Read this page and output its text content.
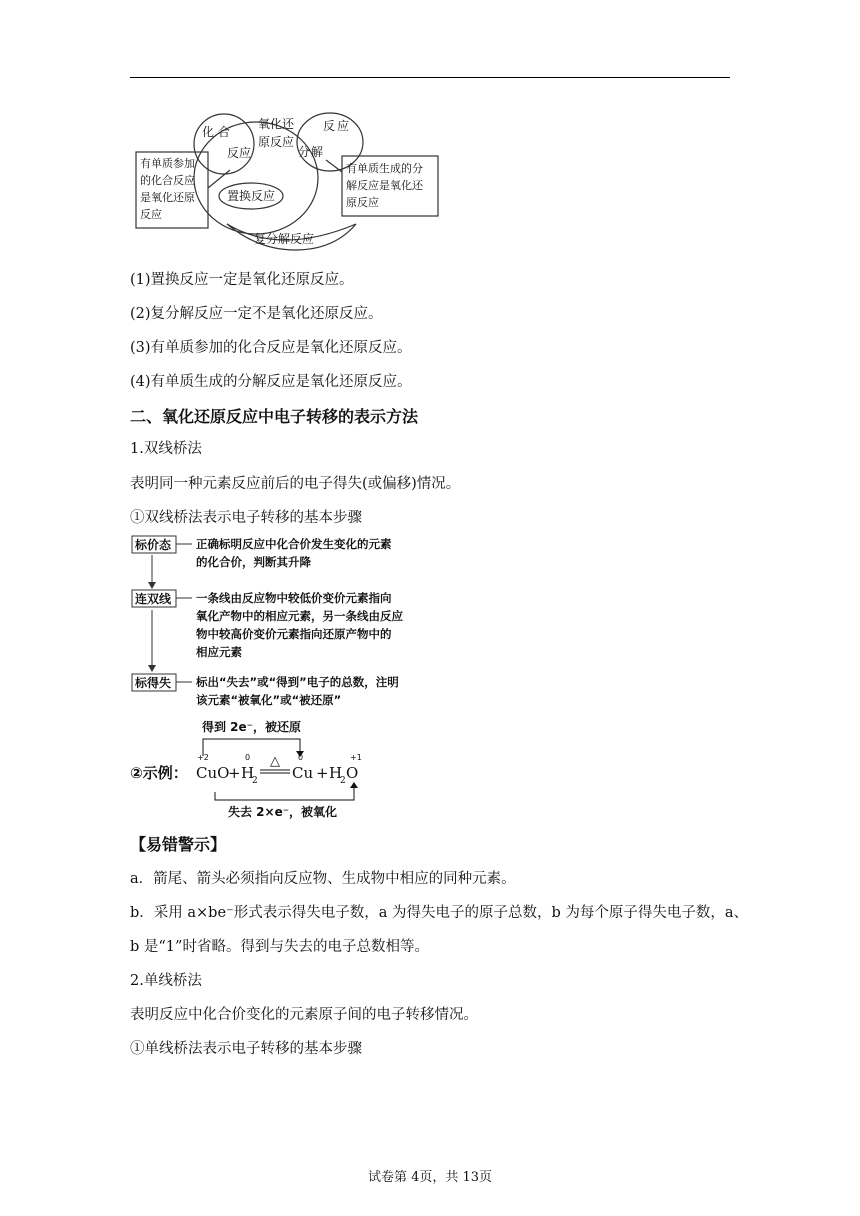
化 合
反应
氧化还
原反应
反 应
分 解
置换反应
复分解反应
有单质参加
的化合反应
是氧化还原
反应
有单质生成的分
解反应是氧化还
原反应
(1)置换反应一定是氧化还原反应。
(2)复分解反应一定不是氧化还原反应。
(3)有单质参加的化合反应是氧化还原反应。
(4)有单质生成的分解反应是氧化还原反应。
二、氧化还原反应中电子转移的表示方法
1.双线桥法
表明同一种元素反应前后的电子得失(或偏移)情况。
①双线桥法表示电子转移的基本步骤
标价态
连双线
标得失
正确标明反应中化合价发生变化的元素
的化合价，判断其升降
一条线由反应物中较低价变价元素指向
氧化产物中的相应元素，另一条线由反应
物中较高价变价元素指向还原产物中的
相应元素
标出“失去”或“得到”电子的总数，注明
该元素“被氧化”或“被还原”
得到 2e⁻，被还原
+2	0	0	+1
②示例： CuO
+ H
2 Cu + H
2 O
△
失去 2×e⁻，被氧化
【易错警示】
a．箭尾、箭头必须指向反应物、生成物中相应的同种元素。
b．采用 a×be⁻形式表示得失电子数，a 为得失电子的原子总数，b 为每个原子得失电子数，a、
b 是“1”时省略。得到与失去的电子总数相等。
2.单线桥法
表明反应中化合价变化的元素原子间的电子转移情况。
①单线桥法表示电子转移的基本步骤
试卷第 4页，共 13页
